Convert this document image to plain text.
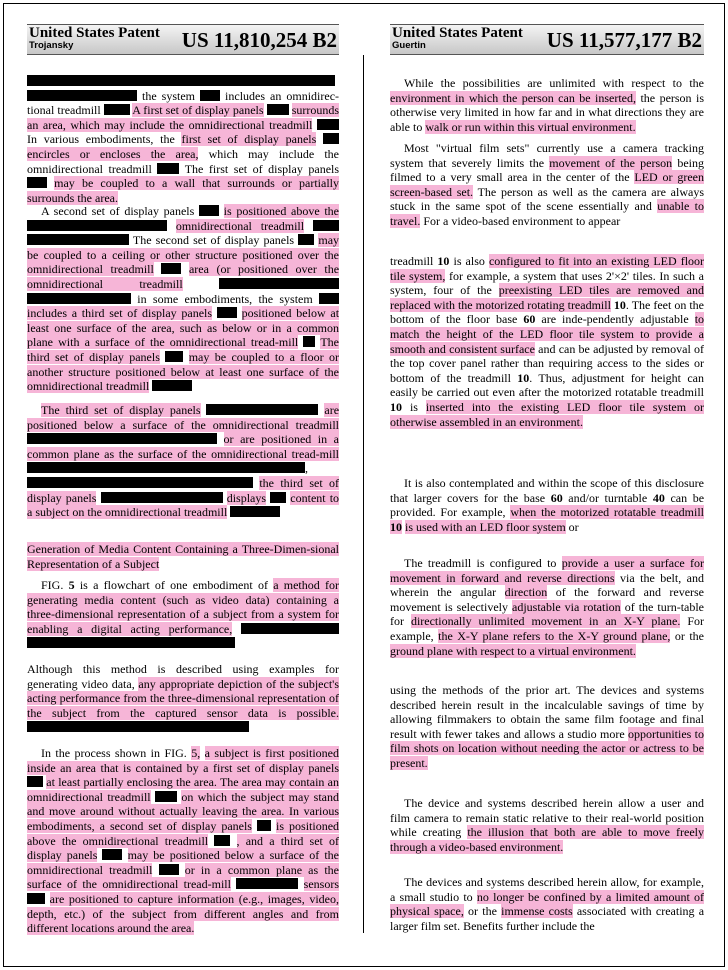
United States Patent
Trojansky	US 11,810,254 B2

the system	includes an omnidirec-tional treadmill	A first set of display panels surrounds an area, which may include the omnidirectional treadmill  In various embodiments, the first set of display panels  encircles or encloses the area, which may include the omnidirectional treadmill	The first set of display panels  may be coupled to a wall that surrounds or partially surrounds the area.

A second set of display panels is positioned above the  omnidirectional treadmill   The second set of display panels may be coupled to a ceiling or other structure positioned over the omnidirectional treadmill	area (or positioned over the omnidirectional treadmill   in some embodiments, the system  includes a third set of display panels positioned below at least one surface of the area, such as below or in a common plane with a surface of the omnidirectional tread-mill The third set of display panels may be coupled to a floor or another structure positioned below at least one surface of the omnidirectional treadmill

The third set of display panels	are positioned below a surface of the omnidirectional treadmill  or are positioned in a common plane as the surface of the omnidirectional tread-mill ,  the third set of display panels	displays content to a subject on the omnidirectional treadmill

Generation of Media Content Containing a Three-Dimen-sional Representation of a Subject

FIG. 5 is a flowchart of one embodiment of a method for generating media content (such as video data) containing a three-dimensional representation of a subject from a system for enabling a digital acting performance,

Although this method is described using examples for generating video data, any appropriate depiction of the subject's acting performance from the three-dimensional representation of the subject from the captured sensor data is possible.

In the process shown in FIG. 5, a subject is first positioned inside an area that is contained by a first set of display panels  at least partially enclosing the area. The area may contain an omnidirectional treadmill	on which the subject may stand and move around without actually leaving the area. In various embodiments, a second set of display panels is positioned above the omnidirectional treadmill , and a third set of display panels	may be positioned below a surface of the omnidirectional treadmill	or in a common plane as the surface of the omnidirectional tread-mill	sensors  are positioned to capture information (e.g., images, video, depth, etc.) of the subject from different angles and from different locations around the area.

United States Patent
Guertin	US 11,577,177 B2

While the possibilities are unlimited with respect to the environment in which the person can be inserted, the person is otherwise very limited in how far and in what directions they are able to walk or run within this virtual environment.

Most "virtual film sets" currently use a camera tracking system that severely limits the movement of the person being filmed to a very small area in the center of the LED or green screen-based set. The person as well as the camera are always stuck in the same spot of the scene essentially and unable to travel. For a video-based environment to appear

treadmill 10 is also configured to fit into an existing LED floor tile system, for example, a system that uses 2'×2' tiles. In such a system, four of the preexisting LED tiles are removed and replaced with the motorized rotating treadmill 10. The feet on the bottom of the floor base 60 are inde-pendently adjustable to match the height of the LED floor tile system to provide a smooth and consistent surface and can be adjusted by removal of the top cover panel rather than requiring access to the sides or bottom of the treadmill 10. Thus, adjustment for height can easily be carried out even after the motorized rotatable treadmill 10 is inserted into the existing LED floor tile system or otherwise assembled in an environment.

It is also contemplated and within the scope of this disclosure that larger covers for the base 60 and/or turntable 40 can be provided. For example, when the motorized rotatable treadmill 10 is used with an LED floor system or

The treadmill is configured to provide a user a surface for movement in forward and reverse directions via the belt, and wherein the angular direction of the forward and reverse movement is selectively adjustable via rotation of the turn-table for directionally unlimited movement in an X-Y plane. For example, the X-Y plane refers to the X-Y ground plane, or the ground plane with respect to a virtual environment.

using the methods of the prior art. The devices and systems described herein result in the incalculable savings of time by allowing filmmakers to obtain the same film footage and final result with fewer takes and allows a studio more opportunities to film shots on location without needing the actor or actress to be present.

The device and systems described herein allow a user and film camera to remain static relative to their real-world position while creating the illusion that both are able to move freely through a video-based environment.

The devices and systems described herein allow, for example, a small studio to no longer be confined by a limited amount of physical space, or the immense costs associated with creating a larger film set. Benefits further include the
